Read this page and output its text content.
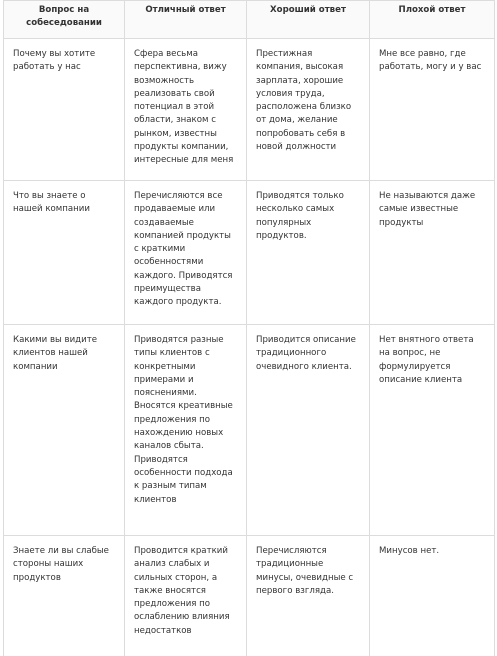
Вопрос на собеседовании	Отличный ответ	Хороший ответ	Плохой ответ
Почему вы хотите работать у нас	Сфера весьма перспективна, вижу возможность реализовать свой потенциал в этой области, знаком с рынком, известны продукты компании, интересные для меня	Престижная компания, высокая зарплата, хорошие условия труда, расположена близко от дома, желание попробовать себя в новой должности	Мне все равно, где работать, могу и у вас
Что вы знаете о нашей компании	Перечисляются все продаваемые или создаваемые компанией продукты с краткими особенностями каждого. Приводятся преимущества каждого продукта.	Приводятся только несколько самых популярных продуктов.	Не называются даже самые известные продукты
Какими вы видите клиентов нашей компании	Приводятся разные типы клиентов с конкретными примерами и пояснениями. Вносятся креативные предложения по нахождению новых каналов сбыта. Приводятся особенности подхода к разным типам клиентов	Приводится описание традиционного очевидного клиента.	Нет внятного ответа на вопрос, не формулируется описание клиента
Знаете ли вы слабые стороны наших продуктов	Проводится краткий анализ слабых и сильных сторон, а также вносятся предложения по ослаблению влияния недостатков	Перечисляются традиционные минусы, очевидные с первого взгляда.	Минусов нет.
